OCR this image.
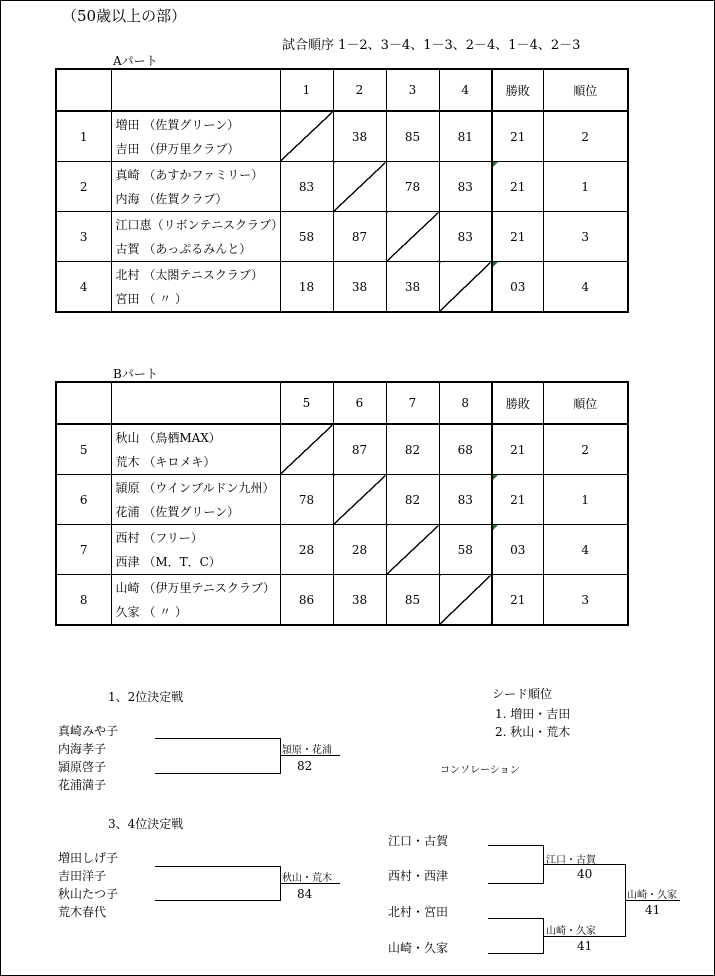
（50歳以上の部）
試合順序 1－2、3－4、1－3、2－4、1－4、2－3
Aパート
		1	2	3	4	勝敗	順位
1	増田 （佐賀グリーン）
吉田 （伊万里クラブ）		38	85	81	21	2
2	真崎 （あすかファミリー）
内海 （佐賀クラブ）	83		78	83	21	1
3	江口恵（リボンテニスクラブ）
古賀 （あっぷるみんと）	58	87		83	21	3
4	北村 （太閤テニスクラブ）
宮田 （ 〃 ）	18	38	38		03	4
Bパート
		5	6	7	8	勝敗	順位
5	秋山 （鳥栖MAX）
荒木 （キロメキ）		87	82	68	21	2
6	頴原 （ウインブルドン九州）
花浦 （佐賀グリーン）	78		82	83	21	1
7	西村 （フリー）
西津 （M．T．C）	28	28		58	03	4
8	山崎 （伊万里テニスクラブ）
久家 （ 〃 ）	86	38	85		21	3
1、2位決定戦
真崎みや子
内海孝子
頴原啓子
花浦満子
頴原・花浦
82
シード順位
1. 増田・吉田
2. 秋山・荒木
コンソレーション
3、4位決定戦
増田しげ子
吉田洋子
秋山たつ子
荒木春代
秋山・荒木
84
江口・古賀
西村・西津
北村・宮田
山崎・久家
江口・古賀
40
山崎・久家
41
山崎・久家
41
